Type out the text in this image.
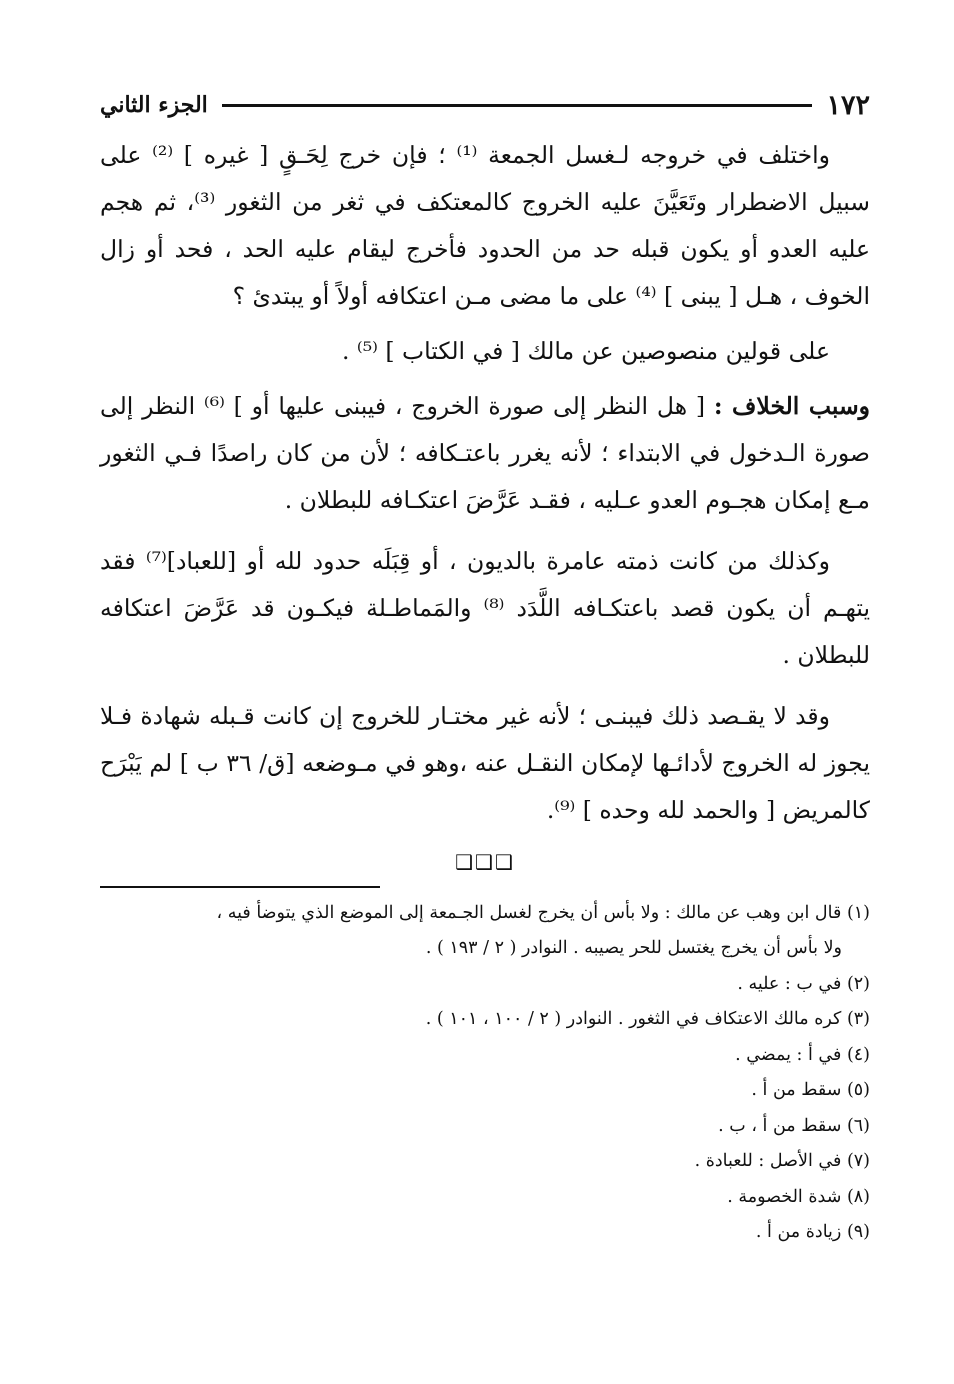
١٧٢
الجزء الثاني

واختلف في خروجه لـغسل الجمعة ⁽¹⁾ ؛ فإن خرج لِحَـقٍ [ غيره ] ⁽²⁾ على سبيل الاضطرار وتَعَيَّنَ عليه الخروج كالمعتكف في ثغر من الثغور ⁽³⁾، ثم هجم عليه العدو أو يكون قبله حد من الحدود فأخرج ليقام عليه الحد ، فحد أو زال الخوف ، هـل [ يبنى ] ⁽⁴⁾ على ما مضى مـن اعتكافه أولاً أو يبتدئ ؟

على قولين منصوصين عن مالك [ في الكتاب ] ⁽⁵⁾ .

وسبب الخلاف : [ هل النظر إلى صورة الخروج ، فيبنى عليها أو ] ⁽⁶⁾ النظر إلى صورة الـدخول في الابتداء ؛ لأنه يغرر باعتـكافه ؛ لأن من كان راصدًا فـي الثغور مـع إمكان هجـوم العدو عـليه ، فقـد عَرَّضَ اعتكـافه للبطلان .

وكذلك من كانت ذمته عامرة بالديون ، أو قِبَلَه حدود لله أو [للعباد]⁽⁷⁾ فقد يتهـم أن يكون قصد باعتكـافه اللَّدَد ⁽⁸⁾ والمَماطـلة فيكـون قد عَرَّضَ اعتكافه للبطلان .

وقد لا يقـصد ذلك فيبنـى ؛ لأنه غير مختـار للخروج إن كانت قـبله شهادة فـلا يجوز له الخروج لأدائـها لإمكان النقـل عنه ،وهو في مـوضعه [ق/ ٣٦ ب ] لم يَبْرَح كالمريض [ والحمد لله وحده ] ⁽⁹⁾.

❑❑❑

(١) قال ابن وهب عن مالك : ولا بأس أن يخرج لغسل الجـمعة إلى الموضع الذي يتوضأ فيه ،

ولا بأس أن يخرج يغتسل للحر يصيبه . النوادر ( ٢ / ١٩٣ ) .

(٢) في ب : عليه .

(٣) كره مالك الاعتكاف في الثغور . النوادر ( ٢ / ١٠٠ ، ١٠١ ) .

(٤) في أ : يمضي .

(٥) سقط من أ .

(٦) سقط من أ ، ب .

(٧) في الأصل : للعبادة .

(٨) شدة الخصومة .

(٩) زيادة من أ .
